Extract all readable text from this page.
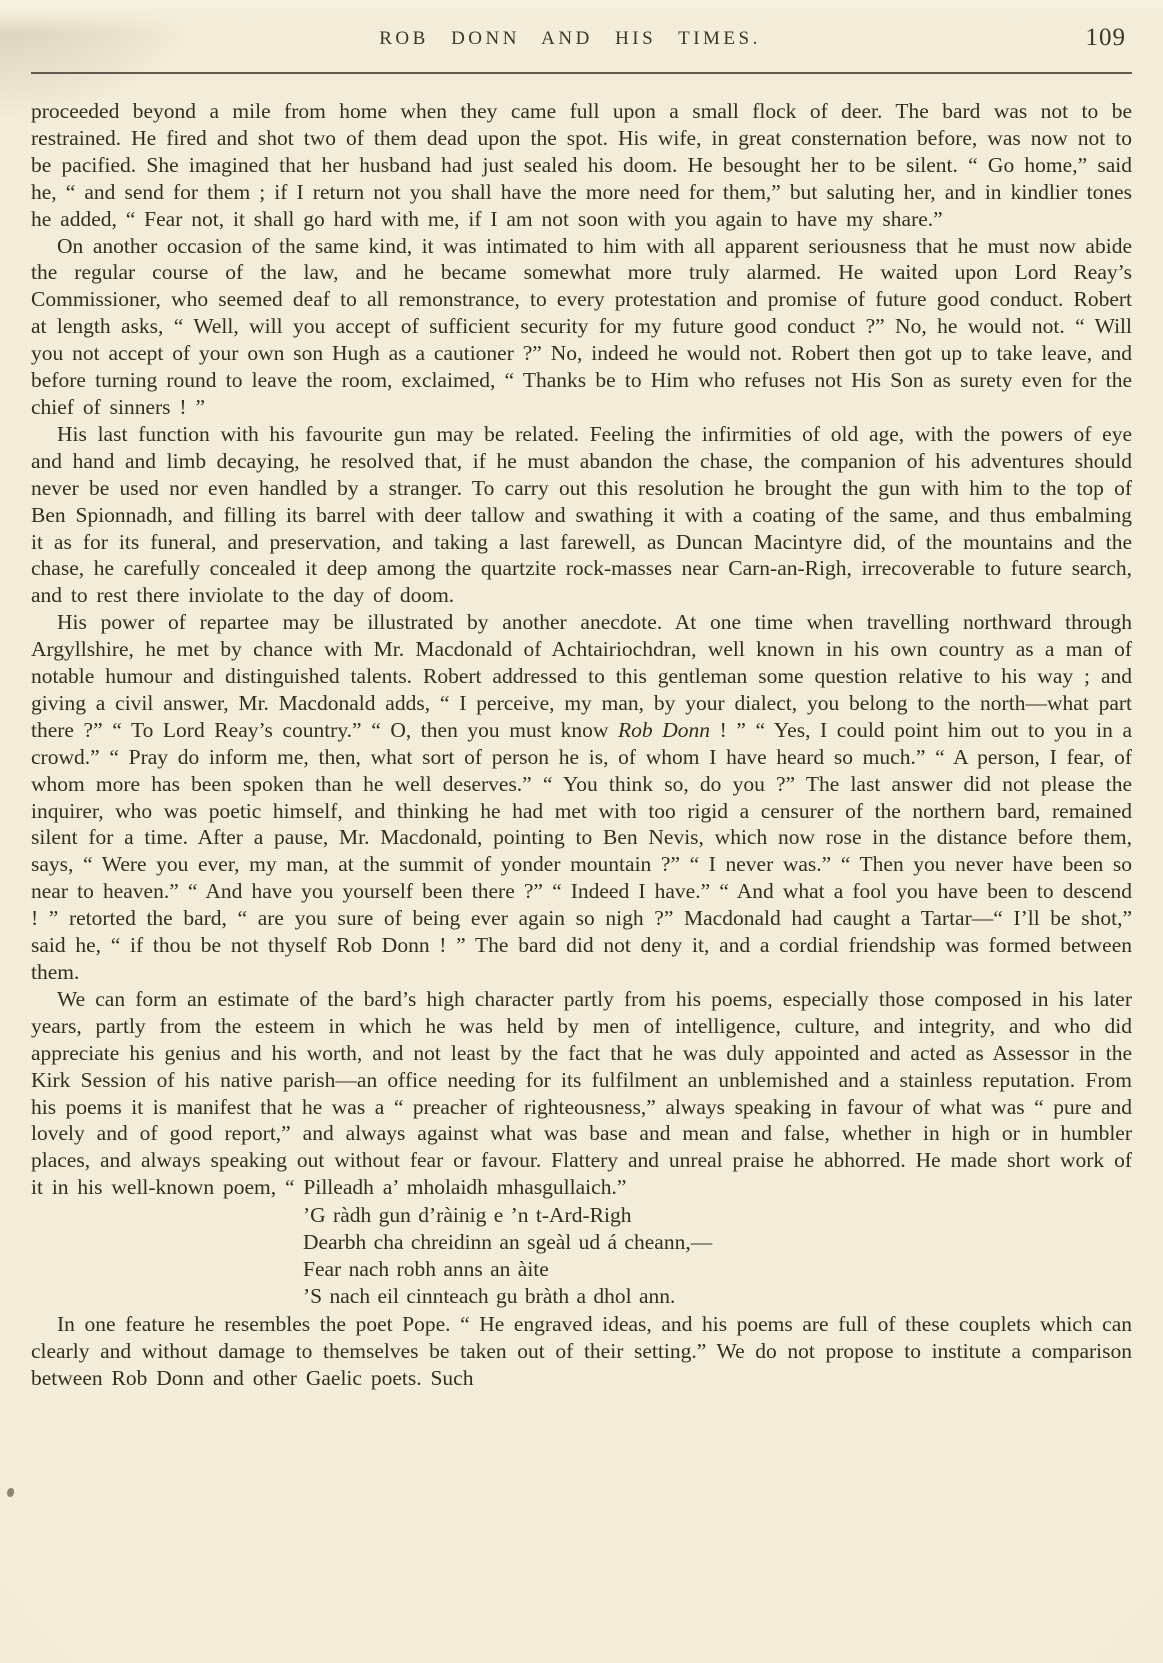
ROB DONN AND HIS TIMES.	109

proceeded beyond a mile from home when they came full upon a small flock of deer. The bard was not to be restrained. He fired and shot two of them dead upon the spot. His wife, in great consternation before, was now not to be pacified. She imagined that her husband had just sealed his doom. He besought her to be silent. “ Go home,” said he, “ and send for them ; if I return not you shall have the more need for them,” but saluting her, and in kindlier tones he added, “ Fear not, it shall go hard with me, if I am not soon with you again to have my share.”

On another occasion of the same kind, it was intimated to him with all apparent seriousness that he must now abide the regular course of the law, and he became somewhat more truly alarmed. He waited upon Lord Reay’s Commissioner, who seemed deaf to all remonstrance, to every protestation and promise of future good conduct. Robert at length asks, “ Well, will you accept of sufficient security for my future good conduct ?” No, he would not. “ Will you not accept of your own son Hugh as a cautioner ?” No, indeed he would not. Robert then got up to take leave, and before turning round to leave the room, exclaimed, “ Thanks be to Him who refuses not His Son as surety even for the chief of sinners ! ”

His last function with his favourite gun may be related. Feeling the infirmities of old age, with the powers of eye and hand and limb decaying, he resolved that, if he must abandon the chase, the companion of his adventures should never be used nor even handled by a stranger. To carry out this resolution he brought the gun with him to the top of Ben Spionnadh, and filling its barrel with deer tallow and swathing it with a coating of the same, and thus embalming it as for its funeral, and preservation, and taking a last farewell, as Duncan Macintyre did, of the mountains and the chase, he carefully concealed it deep among the quartzite rock-masses near Carn-an-Righ, irrecoverable to future search, and to rest there inviolate to the day of doom.

His power of repartee may be illustrated by another anecdote. At one time when travelling northward through Argyllshire, he met by chance with Mr. Macdonald of Achtairiochdran, well known in his own country as a man of notable humour and distinguished talents. Robert addressed to this gentleman some question relative to his way ; and giving a civil answer, Mr. Macdonald adds, “ I perceive, my man, by your dialect, you belong to the north—what part there ?” “ To Lord Reay’s country.” “ O, then you must know Rob Donn ! ” “ Yes, I could point him out to you in a crowd.” “ Pray do inform me, then, what sort of person he is, of whom I have heard so much.” “ A person, I fear, of whom more has been spoken than he well deserves.” “ You think so, do you ?” The last answer did not please the inquirer, who was poetic himself, and thinking he had met with too rigid a censurer of the northern bard, remained silent for a time. After a pause, Mr. Macdonald, pointing to Ben Nevis, which now rose in the distance before them, says, “ Were you ever, my man, at the summit of yonder mountain ?” “ I never was.” “ Then you never have been so near to heaven.” “ And have you yourself been there ?” “ Indeed I have.” “ And what a fool you have been to descend ! ” retorted the bard, “ are you sure of being ever again so nigh ?” Macdonald had caught a Tartar—“ I’ll be shot,” said he, “ if thou be not thyself Rob Donn ! ” The bard did not deny it, and a cordial friendship was formed between them.

We can form an estimate of the bard’s high character partly from his poems, especially those composed in his later years, partly from the esteem in which he was held by men of intelligence, culture, and integrity, and who did appreciate his genius and his worth, and not least by the fact that he was duly appointed and acted as Assessor in the Kirk Session of his native parish—an office needing for its fulfilment an unblemished and a stainless reputation. From his poems it is manifest that he was a “ preacher of righteousness,” always speaking in favour of what was “ pure and lovely and of good report,” and always against what was base and mean and false, whether in high or in humbler places, and always speaking out without fear or favour. Flattery and unreal praise he abhorred. He made short work of it in his well-known poem, “ Pilleadh a’ mholaidh mhasgullaich.”

’G ràdh gun d’ràinig e ’n t-Ard-Righ
Dearbh cha chreidinn an sgeàl ud á cheann,—
Fear nach robh anns an àite
’S nach eil cinnteach gu bràth a dhol ann.

In one feature he resembles the poet Pope. “ He engraved ideas, and his poems are full of these couplets which can clearly and without damage to themselves be taken out of their setting.” We do not propose to institute a comparison between Rob Donn and other Gaelic poets. Such
